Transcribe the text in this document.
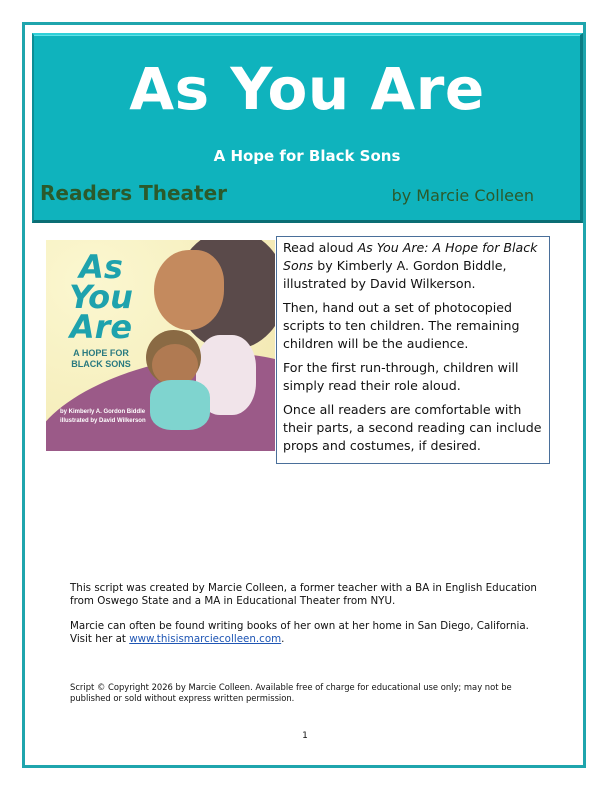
As You Are
A Hope for Black Sons
Readers Theater	by Marcie Colleen
As
You
Are
A HOPE FOR
BLACK SONS
by Kimberly A. Gordon Biddle
illustrated by David Wilkerson

Read aloud As You Are: A Hope for Black Sons by Kimberly A. Gordon Biddle, illustrated by David Wilkerson.

Then, hand out a set of photocopied scripts to ten children. The remaining children will be the audience.

For the first run-through, children will simply read their role aloud.

Once all readers are comfortable with their parts, a second reading can include props and costumes, if desired.

This script was created by Marcie Colleen, a former teacher with a BA in English Education from Oswego State and a MA in Educational Theater from NYU.

Marcie can often be found writing books of her own at her home in San Diego, California. Visit her at www.thisismarciecolleen.com.

Script © Copyright 2026 by Marcie Colleen. Available free of charge for educational use only; may not be published or sold without express written permission.
1
